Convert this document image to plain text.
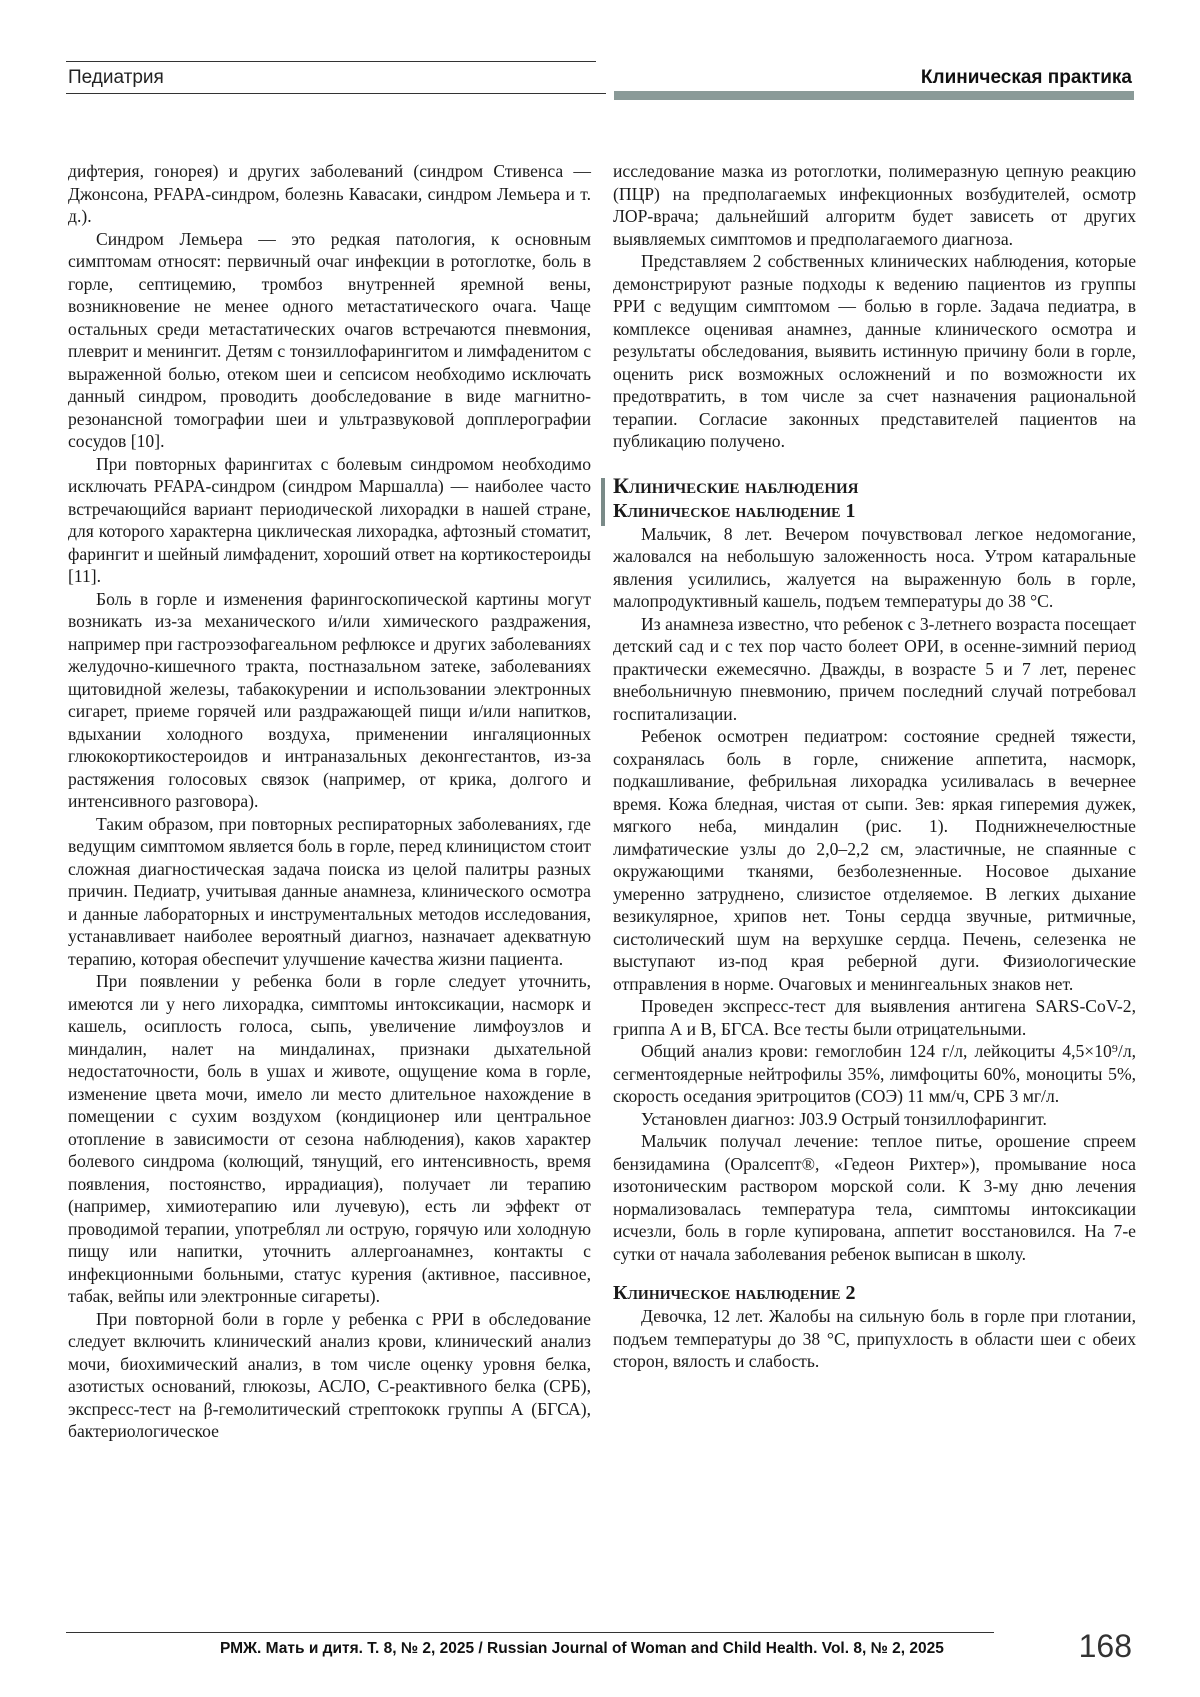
Педиатрия	Клиническая практика

дифтерия, гонорея) и других заболеваний (синдром Стивенса — Джонсона, PFAPA-синдром, болезнь Кавасаки, синдром Лемьера и т. д.).

Синдром Лемьера — это редкая патология, к основным симптомам относят: первичный очаг инфекции в ротоглотке, боль в горле, септицемию, тромбоз внутренней яремной вены, возникновение не менее одного метастатического очага. Чаще остальных среди метастатических очагов встречаются пневмония, плеврит и менингит. Детям с тонзиллофарингитом и лимфаденитом с выраженной болью, отеком шеи и сепсисом необходимо исключать данный синдром, проводить дообследование в виде магнитно-резонансной томографии шеи и ультразвуковой допплерографии сосудов [10].

При повторных фарингитах с болевым синдромом необходимо исключать PFAPA-синдром (синдром Маршалла) — наиболее часто встречающийся вариант периодической лихорадки в нашей стране, для которого характерна циклическая лихорадка, афтозный стоматит, фарингит и шейный лимфаденит, хороший ответ на кортикостероиды [11].

Боль в горле и изменения фарингоскопической картины могут возникать из-за механического и/или химического раздражения, например при гастроэзофагеальном рефлюксе и других заболеваниях желудочно-кишечного тракта, постназальном затеке, заболеваниях щитовидной железы, табакокурении и использовании электронных сигарет, приеме горячей или раздражающей пищи и/или напитков, вдыхании холодного воздуха, применении ингаляционных глюкокортикостероидов и интраназальных деконгестантов, из-за растяжения голосовых связок (например, от крика, долгого и интенсивного разговора).

Таким образом, при повторных респираторных заболеваниях, где ведущим симптомом является боль в горле, перед клиницистом стоит сложная диагностическая задача поиска из целой палитры разных причин. Педиатр, учитывая данные анамнеза, клинического осмотра и данные лабораторных и инструментальных методов исследования, устанавливает наиболее вероятный диагноз, назначает адекватную терапию, которая обеспечит улучшение качества жизни пациента.

При появлении у ребенка боли в горле следует уточнить, имеются ли у него лихорадка, симптомы интоксикации, насморк и кашель, осиплость голоса, сыпь, увеличение лимфоузлов и миндалин, налет на миндалинах, признаки дыхательной недостаточности, боль в ушах и животе, ощущение кома в горле, изменение цвета мочи, имело ли место длительное нахождение в помещении с сухим воздухом (кондиционер или центральное отопление в зависимости от сезона наблюдения), каков характер болевого синдрома (колющий, тянущий, его интенсивность, время появления, постоянство, иррадиация), получает ли терапию (например, химиотерапию или лучевую), есть ли эффект от проводимой терапии, употреблял ли острую, горячую или холодную пищу или напитки, уточнить аллергоанамнез, контакты с инфекционными больными, статус курения (активное, пассивное, табак, вейпы или электронные сигареты).

При повторной боли в горле у ребенка с РРИ в обследование следует включить клинический анализ крови, клинический анализ мочи, биохимический анализ, в том числе оценку уровня белка, азотистых оснований, глюкозы, АСЛО, С-реактивного белка (СРБ), экспресс-тест на β-гемолитический стрептококк группы А (БГСА), бактериологическое

исследование мазка из ротоглотки, полимеразную цепную реакцию (ПЦР) на предполагаемых инфекционных возбудителей, осмотр ЛОР-врача; дальнейший алгоритм будет зависеть от других выявляемых симптомов и предполагаемого диагноза.

Представляем 2 собственных клинических наблюдения, которые демонстрируют разные подходы к ведению пациентов из группы РРИ с ведущим симптомом — болью в горле. Задача педиатра, в комплексе оценивая анамнез, данные клинического осмотра и результаты обследования, выявить истинную причину боли в горле, оценить риск возможных осложнений и по возможности их предотвратить, в том числе за счет назначения рациональной терапии. Согласие законных представителей пациентов на публикацию получено.

Клинические наблюдения
Клиническое наблюдение 1

Мальчик, 8 лет. Вечером почувствовал легкое недомогание, жаловался на небольшую заложенность носа. Утром катаральные явления усилились, жалуется на выраженную боль в горле, малопродуктивный кашель, подъем температуры до 38 °С.

Из анамнеза известно, что ребенок с 3-летнего возраста посещает детский сад и с тех пор часто болеет ОРИ, в осенне-зимний период практически ежемесячно. Дважды, в возрасте 5 и 7 лет, перенес внебольничную пневмонию, причем последний случай потребовал госпитализации.

Ребенок осмотрен педиатром: состояние средней тяжести, сохранялась боль в горле, снижение аппетита, насморк, подкашливание, фебрильная лихорадка усиливалась в вечернее время. Кожа бледная, чистая от сыпи. Зев: яркая гиперемия дужек, мягкого неба, миндалин (рис. 1). Поднижнечелюстные лимфатические узлы до 2,0–2,2 см, эластичные, не спаянные с окружающими тканями, безболезненные. Носовое дыхание умеренно затруднено, слизистое отделяемое. В легких дыхание везикулярное, хрипов нет. Тоны сердца звучные, ритмичные, систолический шум на верхушке сердца. Печень, селезенка не выступают из-под края реберной дуги. Физиологические отправления в норме. Очаговых и менингеальных знаков нет.

Проведен экспресс-тест для выявления антигена SARS-CoV-2, гриппа А и В, БГСА. Все тесты были отрицательными.

Общий анализ крови: гемоглобин 124 г/л, лейкоциты 4,5×10⁹/л, сегментоядерные нейтрофилы 35%, лимфоциты 60%, моноциты 5%, скорость оседания эритроцитов (СОЭ) 11 мм/ч, СРБ 3 мг/л.

Установлен диагноз: J03.9 Острый тонзиллофарингит.

Мальчик получал лечение: теплое питье, орошение спреем бензидамина (Оралсепт®, «Гедеон Рихтер»), промывание носа изотоническим раствором морской соли. К 3-му дню лечения нормализовалась температура тела, симптомы интоксикации исчезли, боль в горле купирована, аппетит восстановился. На 7-е сутки от начала заболевания ребенок выписан в школу.

Клиническое наблюдение 2

Девочка, 12 лет. Жалобы на сильную боль в горле при глотании, подъем температуры до 38 °С, припухлость в области шеи с обеих сторон, вялость и слабость.

РМЖ. Мать и дитя. Т. 8, № 2, 2025 / Russian Journal of Woman and Child Health. Vol. 8, № 2, 2025	168
